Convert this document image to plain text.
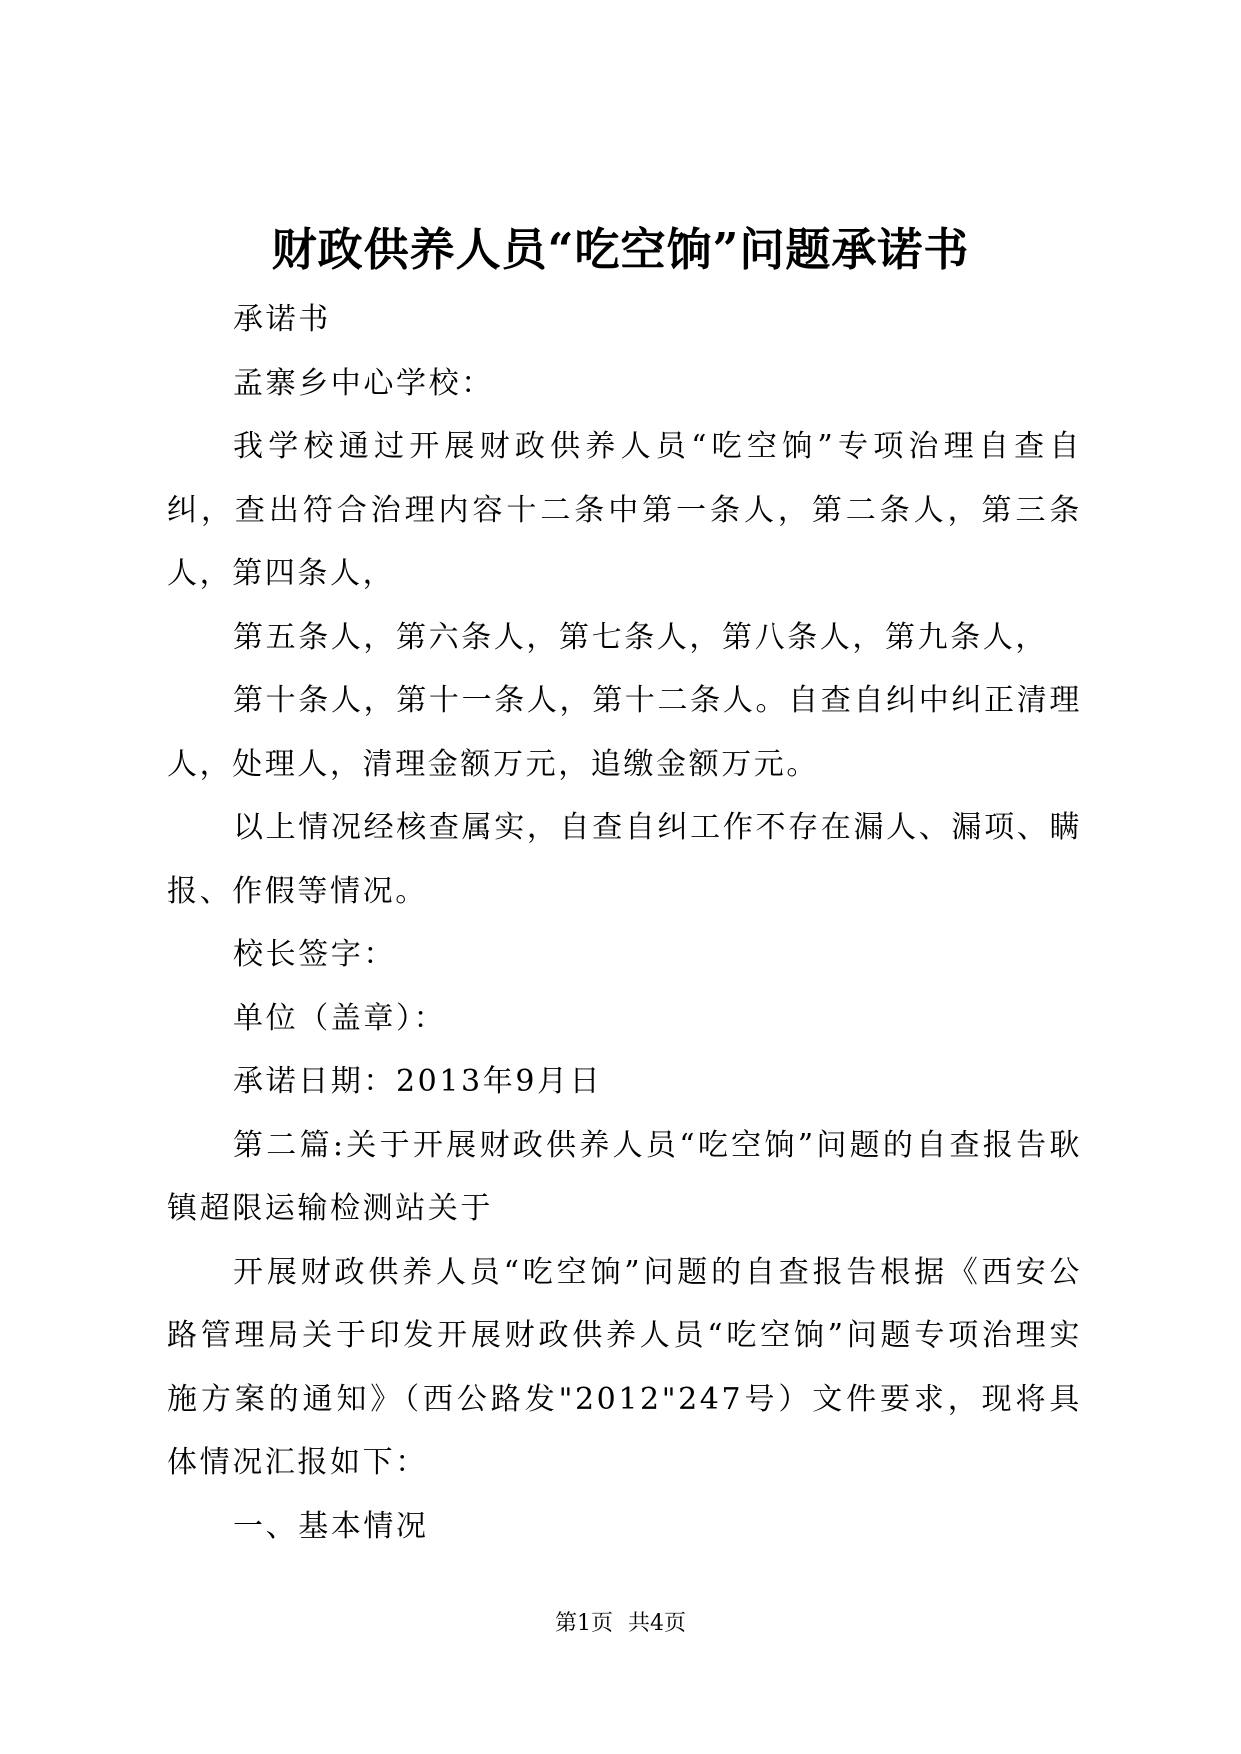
财政供养人员“吃空饷”问题承诺书

承诺书

孟寨乡中心学校：

我学校通过开展财政供养人员“吃空饷”专项治理自查自纠，查出符合治理内容十二条中第一条人，第二条人，第三条人，第四条人，

第五条人，第六条人，第七条人，第八条人，第九条人，

第十条人，第十一条人，第十二条人。自查自纠中纠正清理人，处理人，清理金额万元，追缴金额万元。

以上情况经核查属实，自查自纠工作不存在漏人、漏项、瞒报、作假等情况。

校长签字：

单位（盖章）：

承诺日期：2013年9月日

第二篇:关于开展财政供养人员“吃空饷”问题的自查报告耿镇超限运输检测站关于

开展财政供养人员“吃空饷”问题的自查报告根据《西安公路管理局关于印发开展财政供养人员“吃空饷”问题专项治理实施方案的通知》（西公路发"2012"247号）文件要求，现将具体情况汇报如下：

一、基本情况

第1页 共4页
